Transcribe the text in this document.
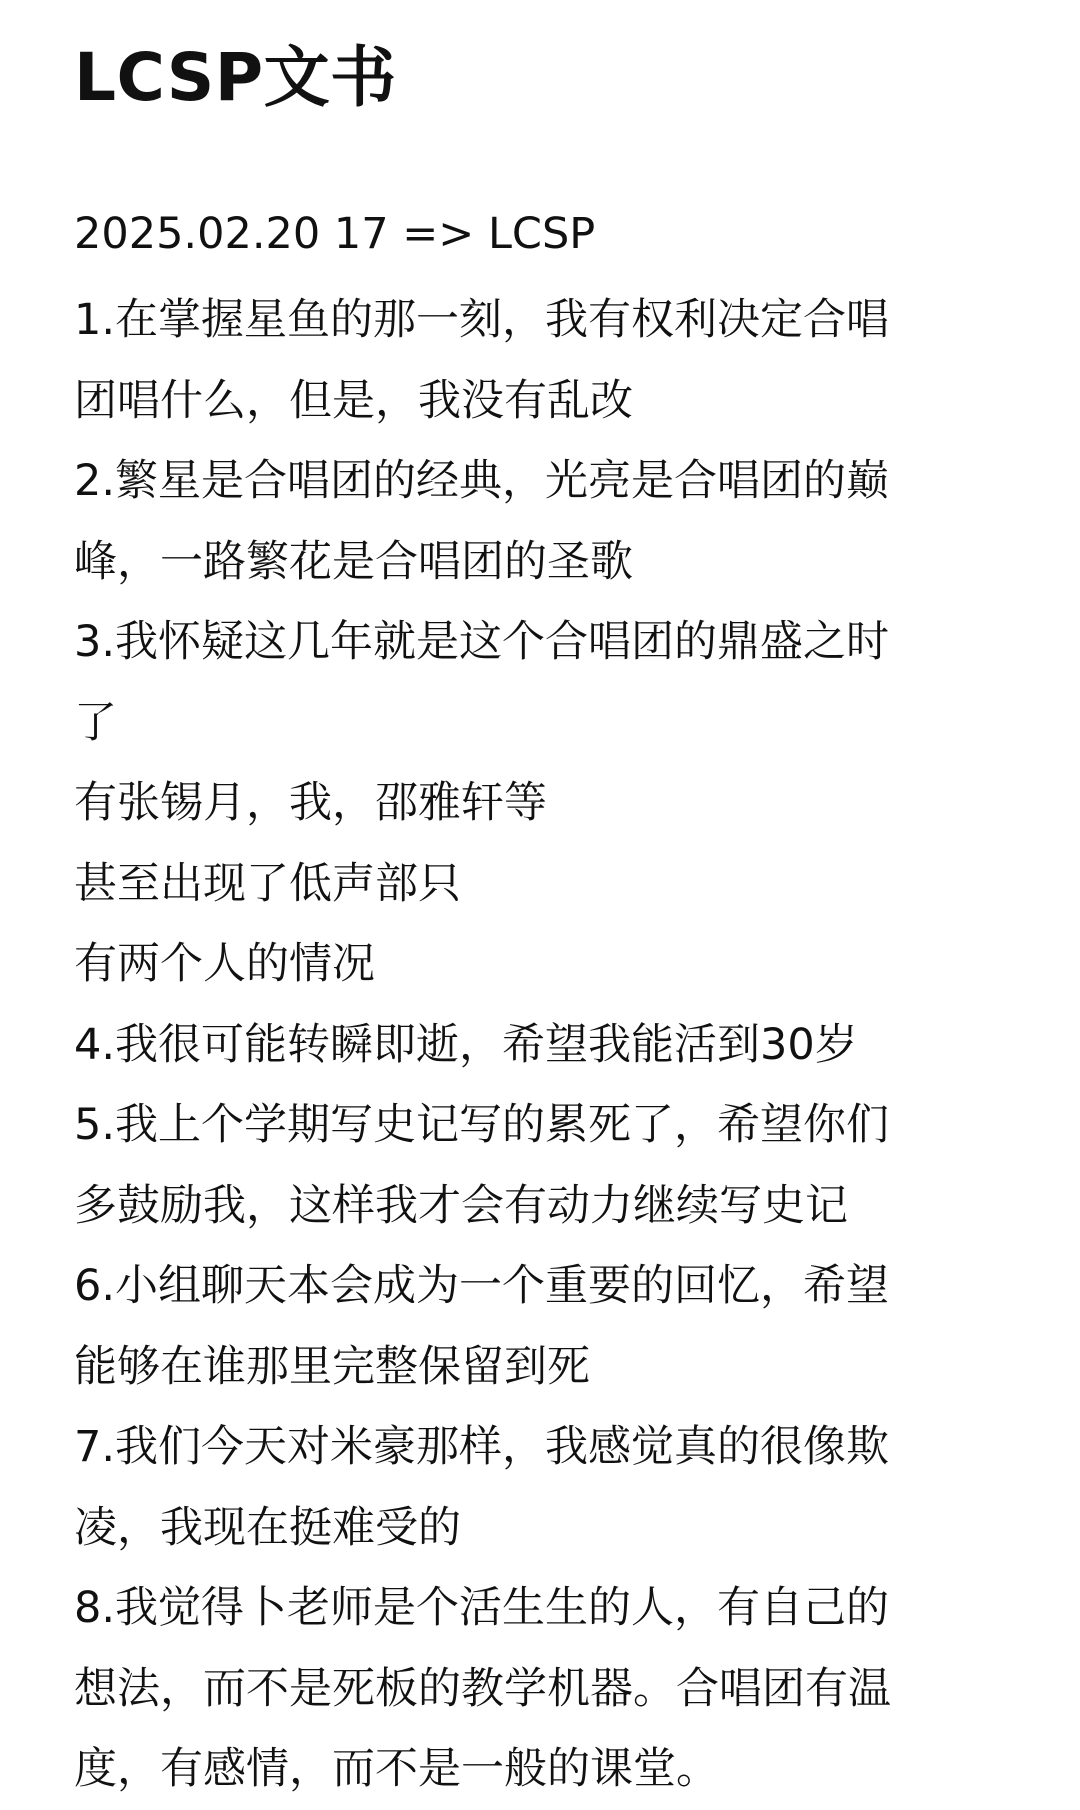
LCSP文书
2025.02.20 17 => LCSP
1.在掌握星鱼的那一刻，我有权利决定合唱
团唱什么，但是，我没有乱改
2.繁星是合唱团的经典，光亮是合唱团的巅
峰，一路繁花是合唱团的圣歌
3.我怀疑这几年就是这个合唱团的鼎盛之时
了
有张锡月，我，邵雅轩等
甚至出现了低声部只
有两个人的情况
4.我很可能转瞬即逝，希望我能活到30岁
5.我上个学期写史记写的累死了，希望你们
多鼓励我，这样我才会有动力继续写史记
6.小组聊天本会成为一个重要的回忆，希望
能够在谁那里完整保留到死
7.我们今天对米豪那样，我感觉真的很像欺
凌，我现在挺难受的
8.我觉得卜老师是个活生生的人，有自己的
想法，而不是死板的教学机器。合唱团有温
度，有感情，而不是一般的课堂。
